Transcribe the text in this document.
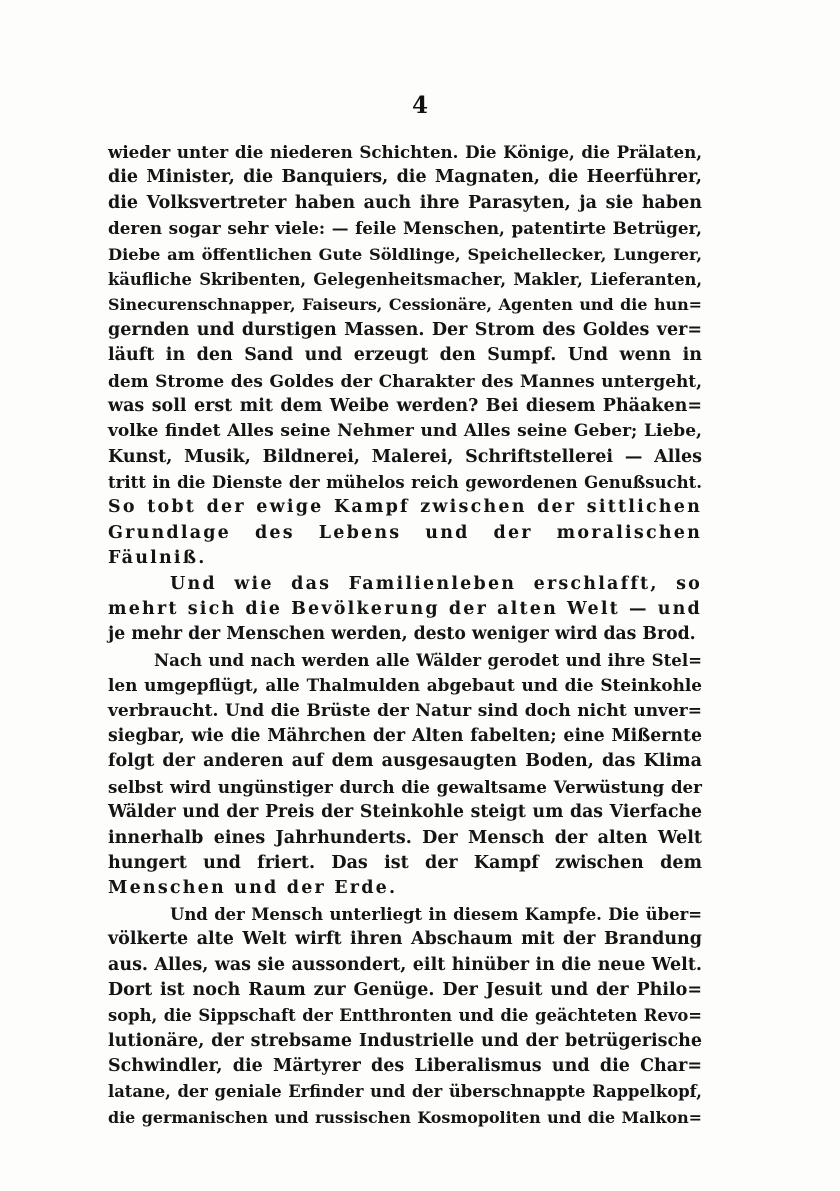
4
wieder unter die niederen Schichten. Die Könige, die Prälaten,
die Minister, die Banquiers, die Magnaten, die Heerführer,
die Volksvertreter haben auch ihre Parasyten, ja sie haben
deren sogar sehr viele: — feile Menschen, patentirte Betrüger,
Diebe am öffentlichen Gute Söldlinge, Speichellecker, Lungerer,
käufliche Skribenten, Gelegenheitsmacher, Makler, Lieferanten,
Sinecurenschnapper, Faiseurs, Cessionäre, Agenten und die hun=
gernden und durstigen Massen. Der Strom des Goldes ver=
läuft in den Sand und erzeugt den Sumpf. Und wenn in
dem Strome des Goldes der Charakter des Mannes untergeht,
was soll erst mit dem Weibe werden? Bei diesem Phäaken=
volke findet Alles seine Nehmer und Alles seine Geber; Liebe,
Kunst, Musik, Bildnerei, Malerei, Schriftstellerei — Alles
tritt in die Dienste der mühelos reich gewordenen Genußsucht.
So tobt der ewige Kampf zwischen der sittlichen
Grundlage des Lebens und der moralischen
Fäulniß.
Und wie das Familienleben erschlafft, so
mehrt sich die Bevölkerung der alten Welt — und
je mehr der Menschen werden, desto weniger wird das Brod.
Nach und nach werden alle Wälder gerodet und ihre Stel=
len umgepflügt, alle Thalmulden abgebaut und die Steinkohle
verbraucht. Und die Brüste der Natur sind doch nicht unver=
siegbar, wie die Mährchen der Alten fabelten; eine Mißernte
folgt der anderen auf dem ausgesaugten Boden, das Klima
selbst wird ungünstiger durch die gewaltsame Verwüstung der
Wälder und der Preis der Steinkohle steigt um das Vierfache
innerhalb eines Jahrhunderts. Der Mensch der alten Welt
hungert und friert. Das ist der Kampf zwischen dem
Menschen und der Erde.
Und der Mensch unterliegt in diesem Kampfe. Die über=
völkerte alte Welt wirft ihren Abschaum mit der Brandung
aus. Alles, was sie aussondert, eilt hinüber in die neue Welt.
Dort ist noch Raum zur Genüge. Der Jesuit und der Philo=
soph, die Sippschaft der Entthronten und die geächteten Revo=
lutionäre, der strebsame Industrielle und der betrügerische
Schwindler, die Märtyrer des Liberalismus und die Char=
latane, der geniale Erfinder und der überschnappte Rappelkopf,
die germanischen und russischen Kosmopoliten und die Malkon=
